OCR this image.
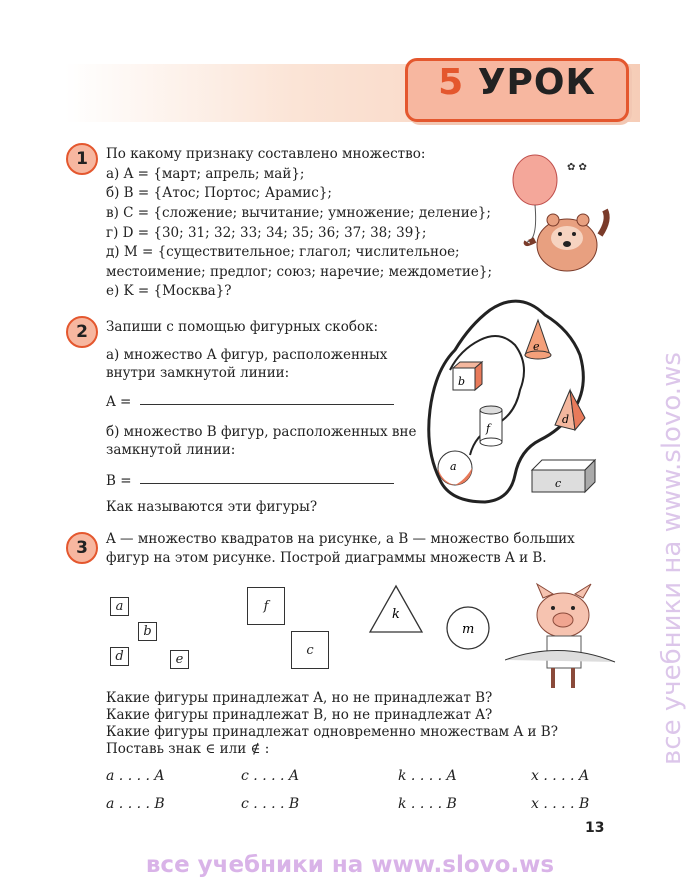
5 УРОК
1	По какому признаку составлено множество:
а) A = {март; апрель; май};
б) B = {Атос; Портос; Арамис};
в) C = {сложение; вычитание; умножение; деление};
г) D = {30; 31; 32; 33; 34; 35; 36; 37; 38; 39};
д) M = {существительное; глагол; числительное;
местоимение; предлог; союз; наречие; междометие};
е) K = {Москва}?
✿ ✿
2	Запиши с помощью фигурных скобок:
а) множество A фигур, расположенных
внутри замкнутой линии:
A =
б) множество B фигур, расположенных вне
замкнутой линии:
B =
Как называются эти фигуры?
e
b
d
f
a
c
3	A — множество квадратов на рисунке, а B — множество больших
фигур на этом рисунке. Построй диаграммы множеств A и B.
a
b
d	e
f
c
k
m
Какие фигуры принадлежат A, но не принадлежат B?
Какие фигуры принадлежат B, но не принадлежат A?
Какие фигуры принадлежат одновременно множествам A и B?
Поставь знак ∈ или ∉ :
a . . . . A	c . . . . A	k . . . . A	x . . . . A
a . . . . B	c . . . . B	k . . . . B	x . . . . B
13
все учебники на www.slovo.ws
все учебники на www.slovo.ws
